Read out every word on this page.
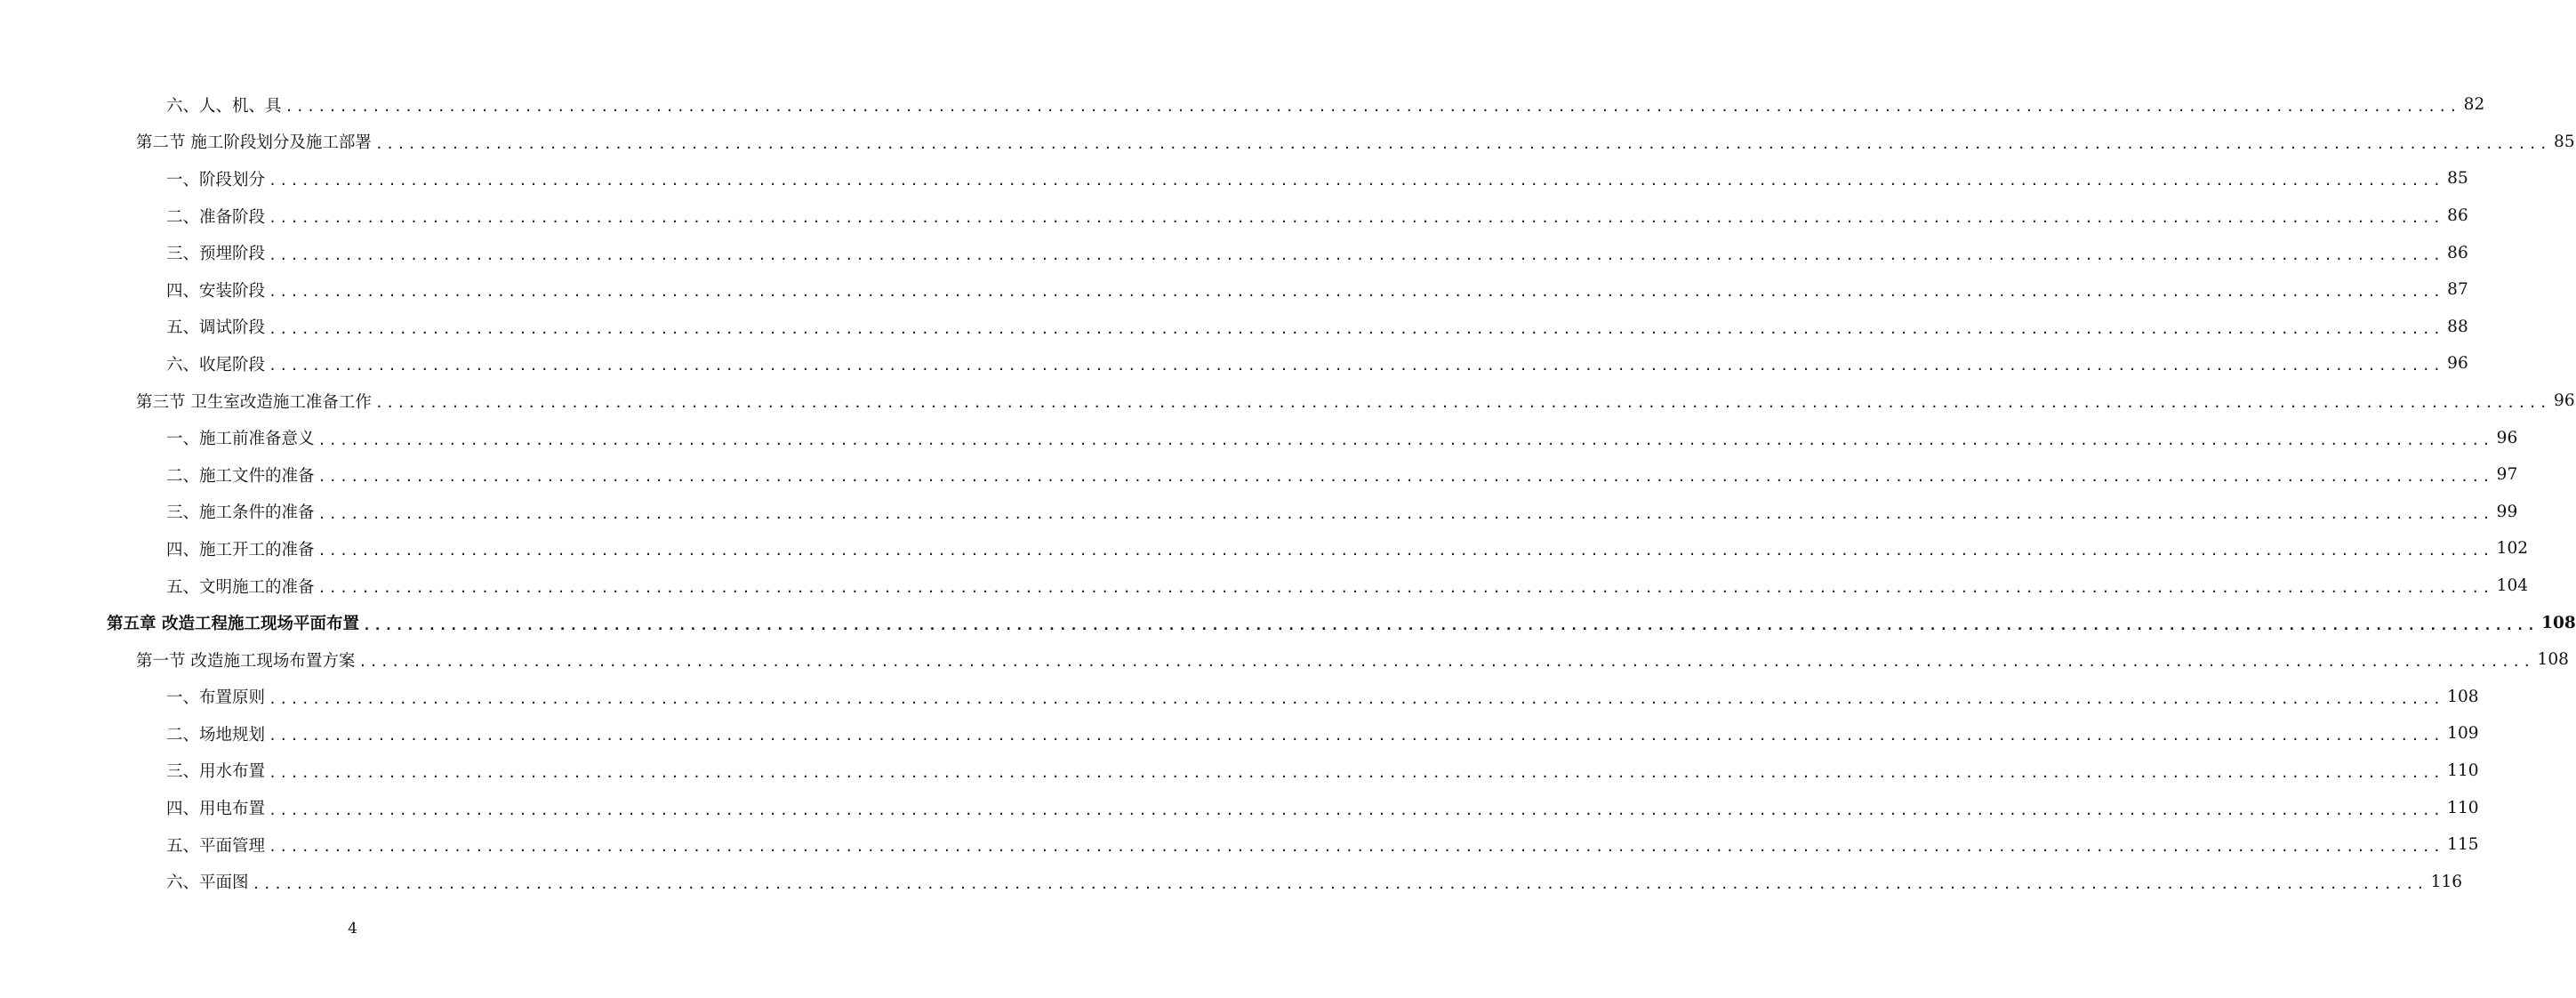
六、人、机、具 ........................................................................................................................................................................................................ 82
第二节 施工阶段划分及施工部署 ........................................................................................................................................................................................................ 85
一、阶段划分 ........................................................................................................................................................................................................ 85
二、准备阶段 ........................................................................................................................................................................................................ 86
三、预埋阶段 ........................................................................................................................................................................................................ 86
四、安装阶段 ........................................................................................................................................................................................................ 87
五、调试阶段 ........................................................................................................................................................................................................ 88
六、收尾阶段 ........................................................................................................................................................................................................ 96
第三节 卫生室改造施工准备工作 ........................................................................................................................................................................................................ 96
一、施工前准备意义 ........................................................................................................................................................................................................ 96
二、施工文件的准备 ........................................................................................................................................................................................................ 97
三、施工条件的准备 ........................................................................................................................................................................................................ 99
四、施工开工的准备 ........................................................................................................................................................................................................ 102
五、文明施工的准备 ........................................................................................................................................................................................................ 104
第五章 改造工程施工现场平面布置 ........................................................................................................................................................................................................ 108
第一节 改造施工现场布置方案 ........................................................................................................................................................................................................ 108
一、布置原则 ........................................................................................................................................................................................................ 108
二、场地规划 ........................................................................................................................................................................................................ 109
三、用水布置 ........................................................................................................................................................................................................ 110
四、用电布置 ........................................................................................................................................................................................................ 110
五、平面管理 ........................................................................................................................................................................................................ 115
六、平面图 ........................................................................................................................................................................................................ 116
4
